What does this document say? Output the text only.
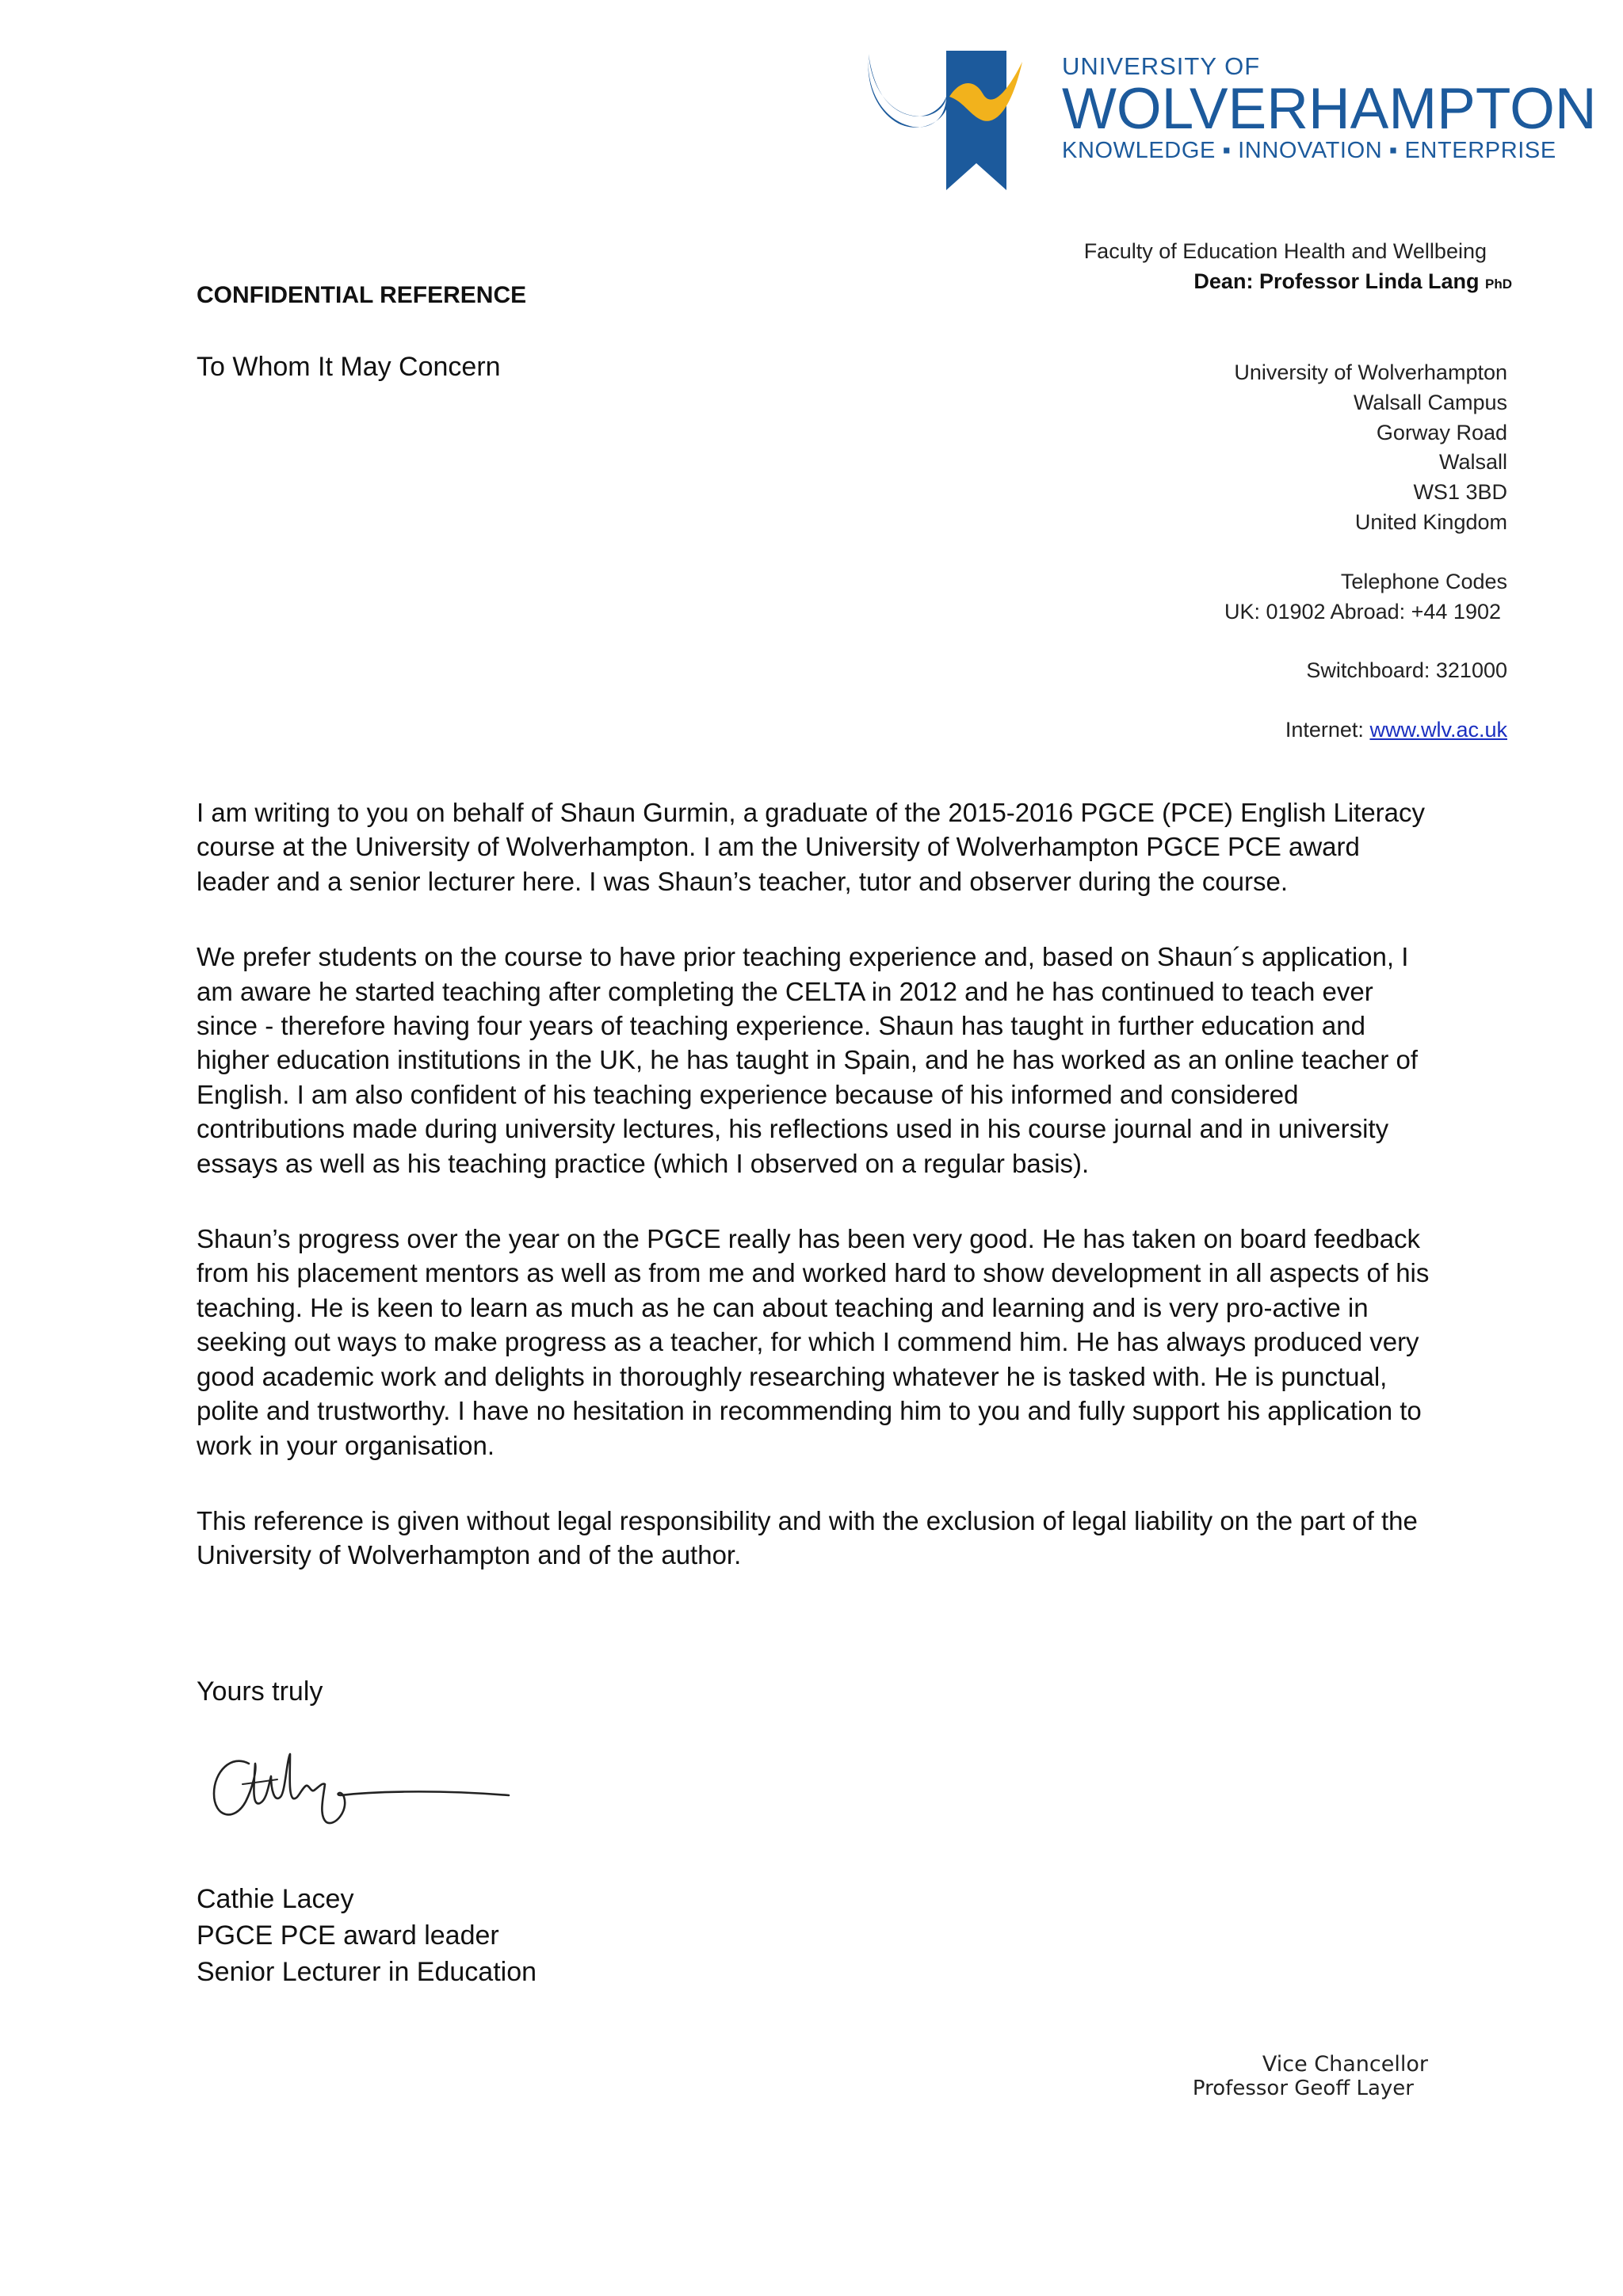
UNIVERSITY OF
WOLVERHAMPTON
KNOWLEDGE ▪ INNOVATION ▪ ENTERPRISE
Faculty of Education Health and Wellbeing
Dean: Professor Linda Lang PhD
CONFIDENTIAL REFERENCE
To Whom It May Concern	University of Wolverhampton
Walsall Campus
Gorway Road
Walsall
WS1 3BD
United Kingdom
Telephone Codes
UK: 01902 Abroad: +44 1902
Switchboard: 321000
Internet: www.wlv.ac.uk

I am writing to you on behalf of Shaun Gurmin, a graduate of the 2015-2016 PGCE (PCE) English Literacy course at the University of Wolverhampton. I am the University of Wolverhampton PGCE PCE award leader and a senior lecturer here. I was Shaun’s teacher, tutor and observer during the course.

We prefer students on the course to have prior teaching experience and, based on Shaun´s application, I am aware he started teaching after completing the CELTA in 2012 and he has continued to teach ever since - therefore having four years of teaching experience. Shaun has taught in further education and higher education institutions in the UK, he has taught in Spain, and he has worked as an online teacher of English. I am also confident of his teaching experience because of his informed and considered contributions made during university lectures, his reflections used in his course journal and in university essays as well as his teaching practice (which I observed on a regular basis).

Shaun’s progress over the year on the PGCE really has been very good. He has taken on board feedback from his placement mentors as well as from me and worked hard to show development in all aspects of his teaching. He is keen to learn as much as he can about teaching and learning and is very pro-active in seeking out ways to make progress as a teacher, for which I commend him. He has always produced very good academic work and delights in thoroughly researching whatever he is tasked with. He is punctual, polite and trustworthy. I have no hesitation in recommending him to you and fully support his application to work in your organisation.

This reference is given without legal responsibility and with the exclusion of legal liability on the part of the University of Wolverhampton and of the author.

Yours truly
Cathie Lacey
PGCE PCE award leader
Senior Lecturer in Education
Vice Chancellor
Professor Geoff Layer
